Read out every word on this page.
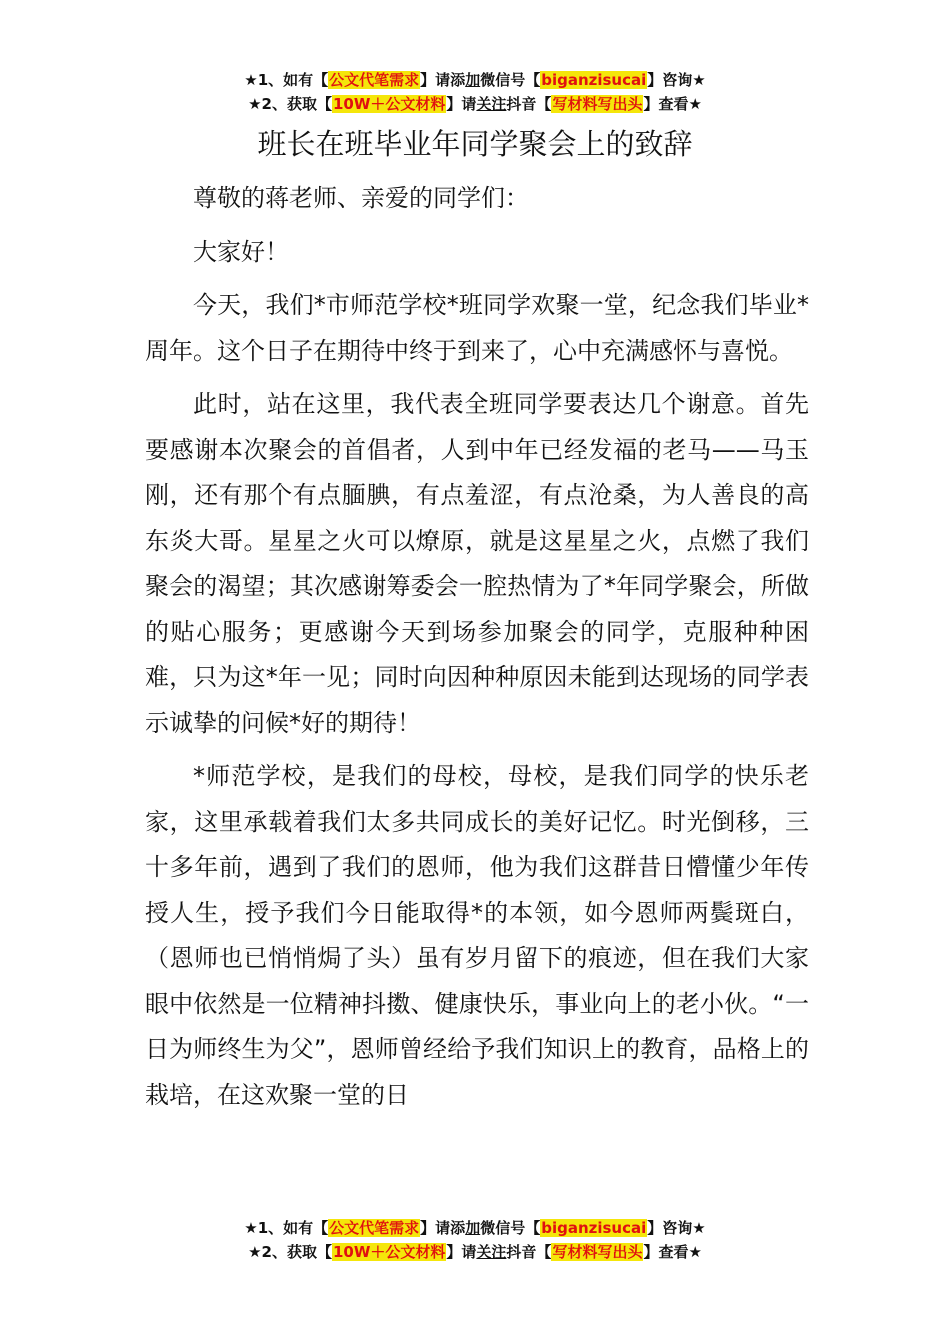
★1、如有【公文代笔需求】请添加微信号【biganzisucai】咨询★
★2、获取【10W＋公文材料】请关注抖音【写材料写出头】查看★
班长在班毕业年同学聚会上的致辞

尊敬的蒋老师、亲爱的同学们：

大家好！

今天，我们*市师范学校*班同学欢聚一堂，纪念我们毕业*周年。这个日子在期待中终于到来了，心中充满感怀与喜悦。

此时，站在这里，我代表全班同学要表达几个谢意。首先要感谢本次聚会的首倡者，人到中年已经发福的老马——马玉刚，还有那个有点腼腆，有点羞涩，有点沧桑，为人善良的高东炎大哥。星星之火可以燎原，就是这星星之火，点燃了我们聚会的渴望；其次感谢筹委会一腔热情为了*年同学聚会，所做的贴心服务；更感谢今天到场参加聚会的同学，克服种种困难，只为这*年一见；同时向因种种原因未能到达现场的同学表示诚挚的问候*好的期待！

*师范学校，是我们的母校，母校，是我们同学的快乐老家，这里承载着我们太多共同成长的美好记忆。时光倒移，三十多年前，遇到了我们的恩师，他为我们这群昔日懵懂少年传授人生，授予我们今日能取得*的本领，如今恩师两鬓斑白，（恩师也已悄悄焗了头）虽有岁月留下的痕迹，但在我们大家眼中依然是一位精神抖擞、健康快乐，事业向上的老小伙。“一日为师终生为父”，恩师曾经给予我们知识上的教育，品格上的栽培，在这欢聚一堂的日

★1、如有【公文代笔需求】请添加微信号【biganzisucai】咨询★
★2、获取【10W＋公文材料】请关注抖音【写材料写出头】查看★
